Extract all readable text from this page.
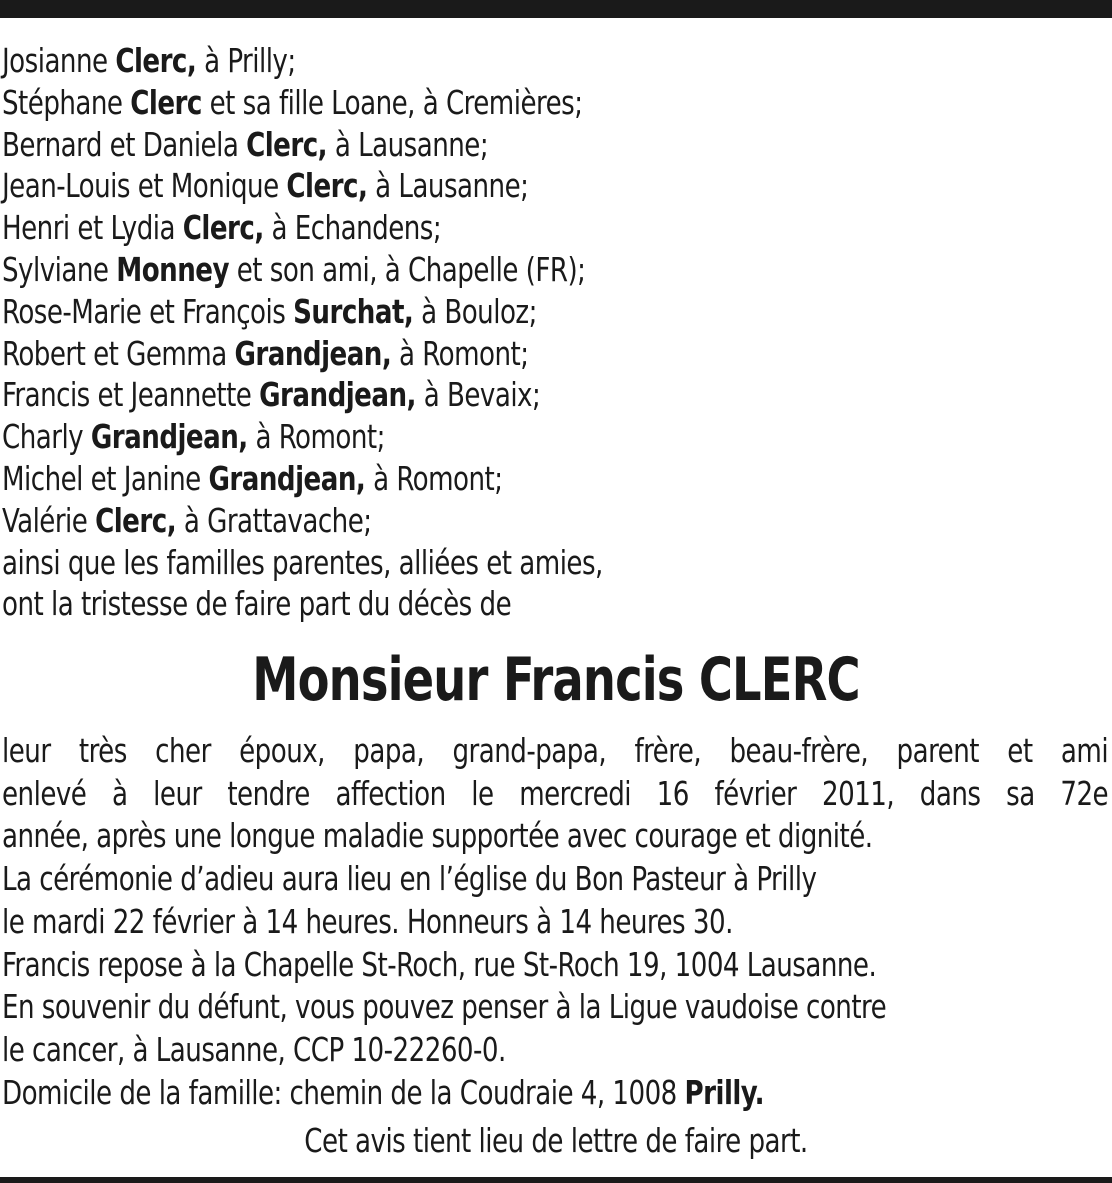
Josianne Clerc, à Prilly;
Stéphane Clerc et sa fille Loane, à Cremières;
Bernard et Daniela Clerc, à Lausanne;
Jean-Louis et Monique Clerc, à Lausanne;
Henri et Lydia Clerc, à Echandens;
Sylviane Monney et son ami, à Chapelle (FR);
Rose-Marie et François Surchat, à Bouloz;
Robert et Gemma Grandjean, à Romont;
Francis et Jeannette Grandjean, à Bevaix;
Charly Grandjean, à Romont;
Michel et Janine Grandjean, à Romont;
Valérie Clerc, à Grattavache;
ainsi que les familles parentes, alliées et amies,
ont la tristesse de faire part du décès de
Monsieur Francis CLERC
leur très cher époux, papa, grand-papa, frère, beau-frère, parent et ami
enlevé à leur tendre affection le mercredi 16 février 2011, dans sa 72e
année, après une longue maladie supportée avec courage et dignité.
La cérémonie d’adieu aura lieu en l’église du Bon Pasteur à Prilly
le mardi 22 février à 14 heures. Honneurs à 14 heures 30.
Francis repose à la Chapelle St-Roch, rue St-Roch 19, 1004 Lausanne.
En souvenir du défunt, vous pouvez penser à la Ligue vaudoise contre
le cancer, à Lausanne, CCP 10-22260-0.
Domicile de la famille: chemin de la Coudraie 4, 1008 Prilly.
Cet avis tient lieu de lettre de faire part.
